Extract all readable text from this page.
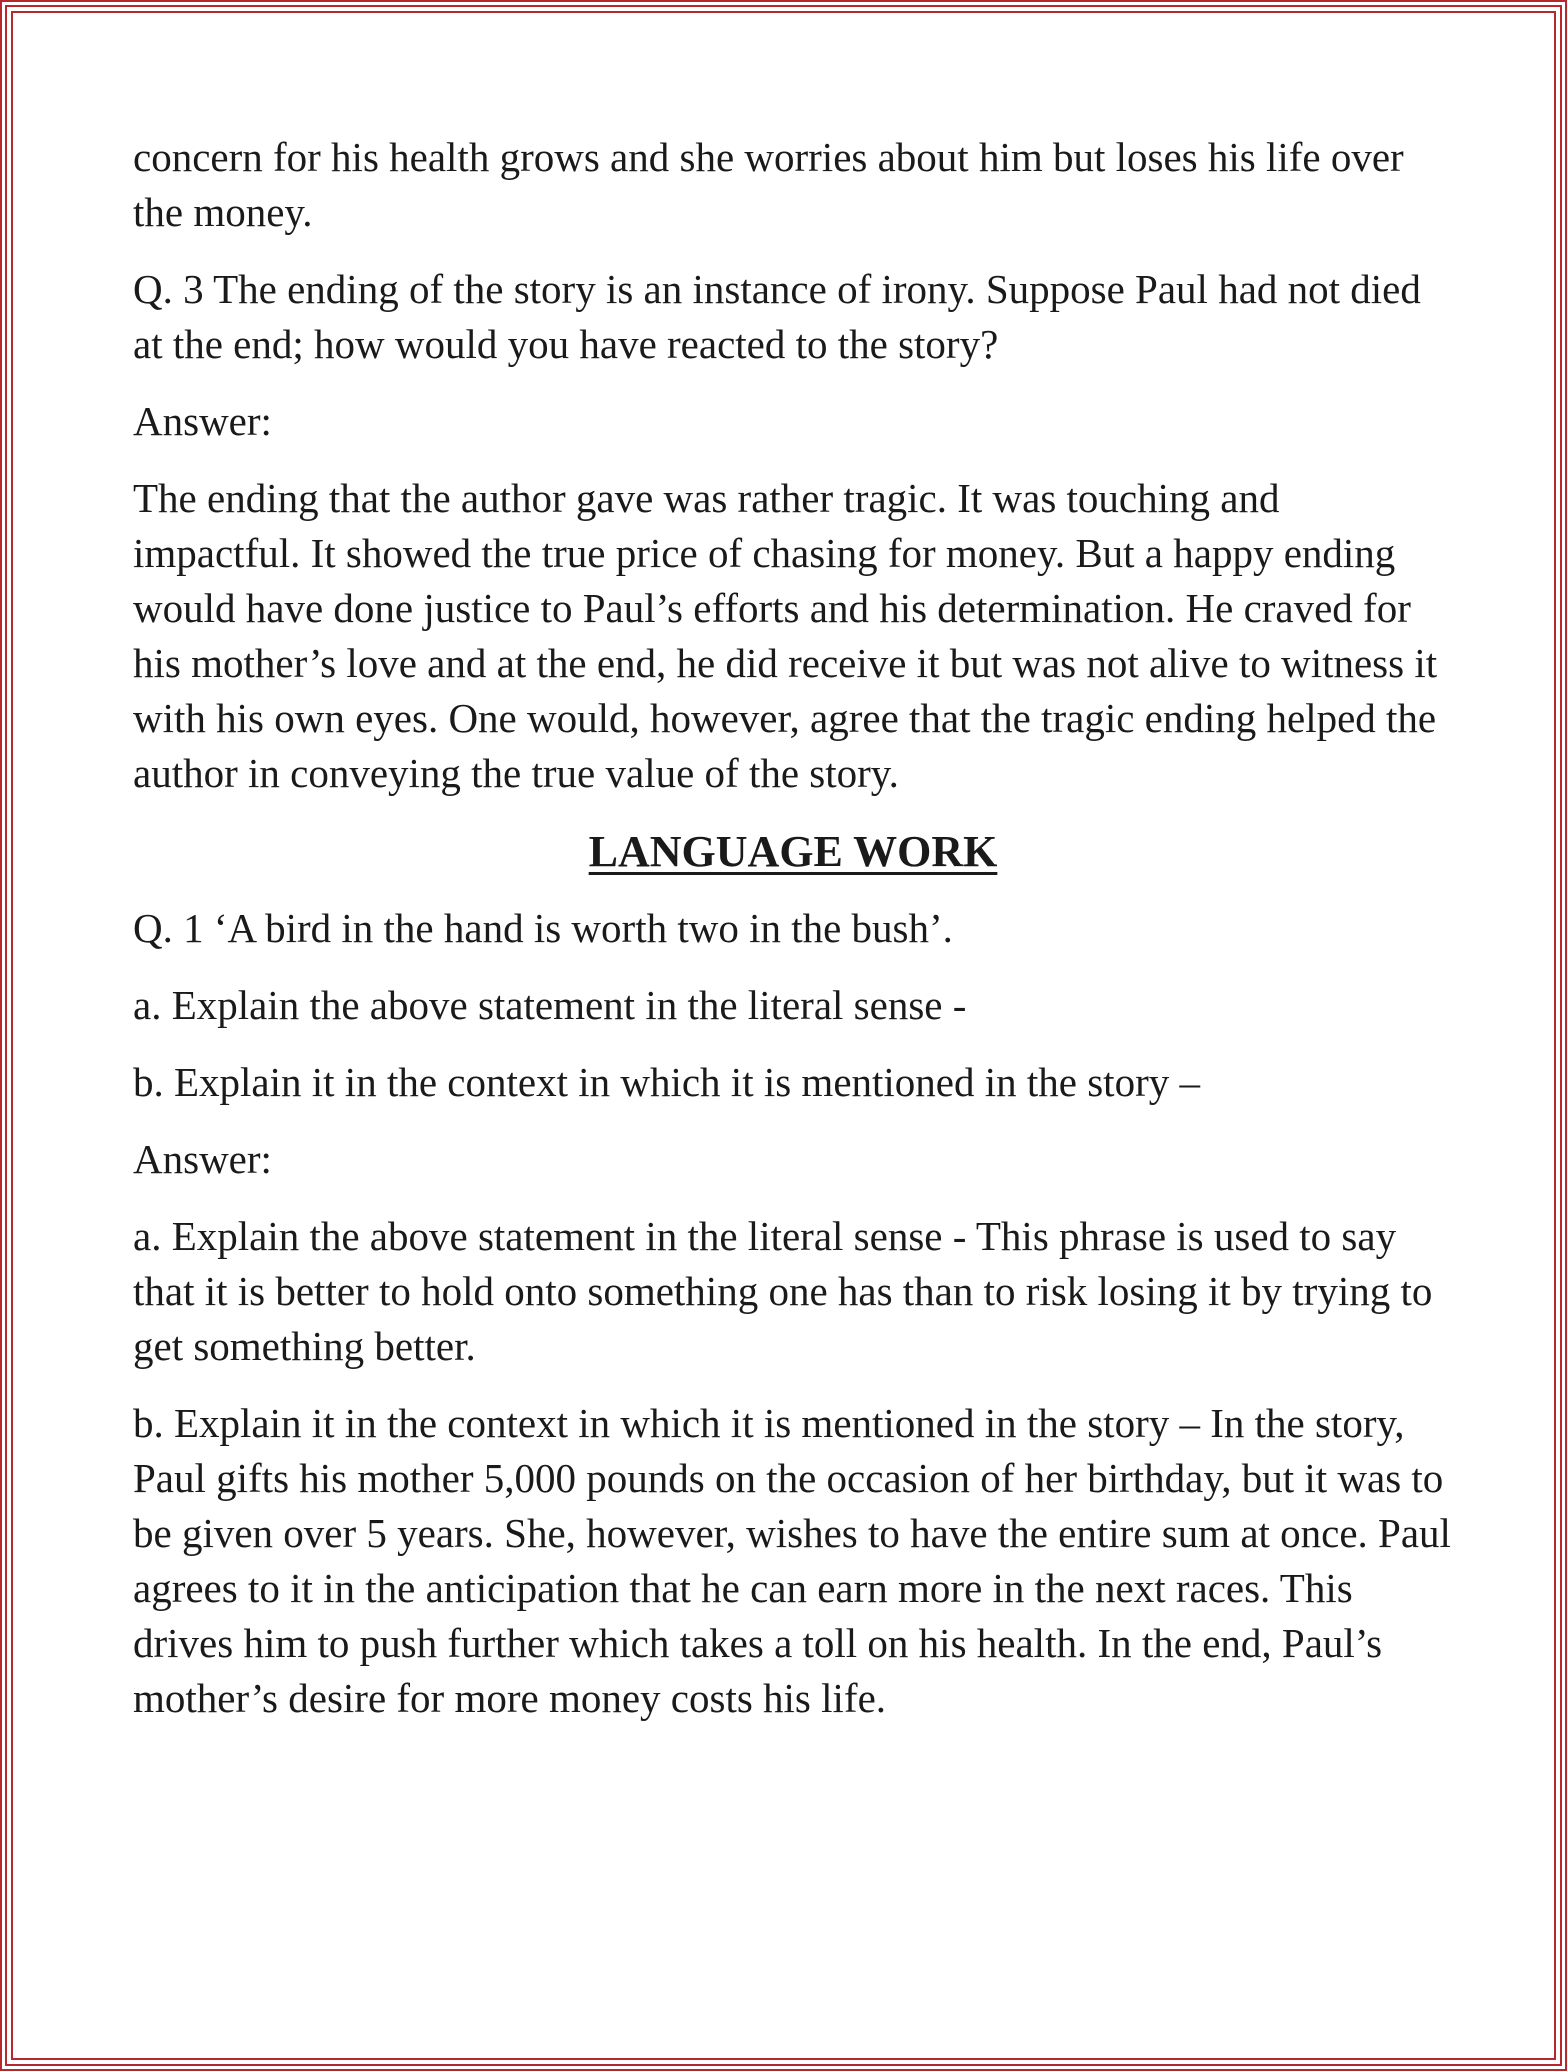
concern for his health grows and she worries about him but loses his life over the money.

Q. 3 The ending of the story is an instance of irony. Suppose Paul had not died at the end; how would you have reacted to the story?

Answer:

The ending that the author gave was rather tragic. It was touching and impactful. It showed the true price of chasing for money. But a happy ending would have done justice to Paul’s efforts and his determination. He craved for his mother’s love and at the end, he did receive it but was not alive to witness it with his own eyes. One would, however, agree that the tragic ending helped the author in conveying the true value of the story.

LANGUAGE WORK

Q. 1 ‘A bird in the hand is worth two in the bush’.

a. Explain the above statement in the literal sense -

b. Explain it in the context in which it is mentioned in the story –

Answer:

a. Explain the above statement in the literal sense - This phrase is used to say that it is better to hold onto something one has than to risk losing it by trying to get something better.

b. Explain it in the context in which it is mentioned in the story – In the story, Paul gifts his mother 5,000 pounds on the occasion of her birthday, but it was to be given over 5 years. She, however, wishes to have the entire sum at once. Paul agrees to it in the anticipation that he can earn more in the next races. This drives him to push further which takes a toll on his health. In the end, Paul’s mother’s desire for more money costs his life.
